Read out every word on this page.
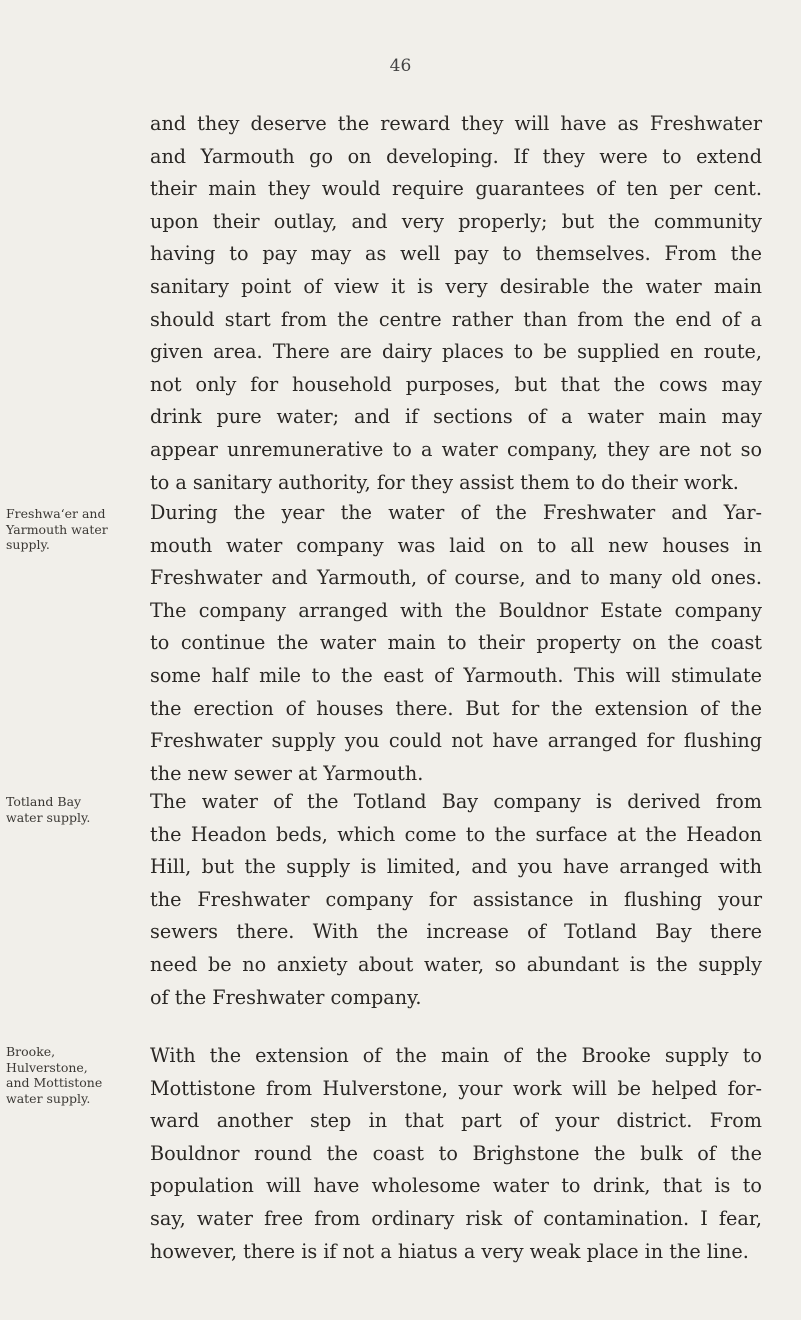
46
and they deserve the reward they will have as Freshwater
and Yarmouth go on developing. If they were to extend
their main they would require guarantees of ten per cent.
upon their outlay, and very properly; but the community
having to pay may as well pay to themselves. From the
sanitary point of view it is very desirable the water main
should start from the centre rather than from the end of a
given area. There are dairy places to be supplied en route,
not only for household purposes, but that the cows may
drink pure water; and if sections of a water main may
appear unremunerative to a water company, they are not so
to a sanitary authority, for they assist them to do their work.
Freshwa‘er and
Yarmouth water
supply.
During the year the water of the Freshwater and Yar-
mouth water company was laid on to all new houses in
Freshwater and Yarmouth, of course, and to many old ones.
The company arranged with the Bouldnor Estate company
to continue the water main to their property on the coast
some half mile to the east of Yarmouth. This will stimulate
the erection of houses there. But for the extension of the
Freshwater supply you could not have arranged for flushing
the new sewer at Yarmouth.
Totland Bay
water supply.
The water of the Totland Bay company is derived from
the Headon beds, which come to the surface at the Headon
Hill, but the supply is limited, and you have arranged with
the Freshwater company for assistance in flushing your
sewers there. With the increase of Totland Bay there
need be no anxiety about water, so abundant is the supply
of the Freshwater company.
Brooke,
Hulverstone,
and Mottistone
water supply.
With the extension of the main of the Brooke supply to
Mottistone from Hulverstone, your work will be helped for-
ward another step in that part of your district. From
Bouldnor round the coast to Brighstone the bulk of the
population will have wholesome water to drink, that is to
say, water free from ordinary risk of contamination. I fear,
however, there is if not a hiatus a very weak place in the line.
